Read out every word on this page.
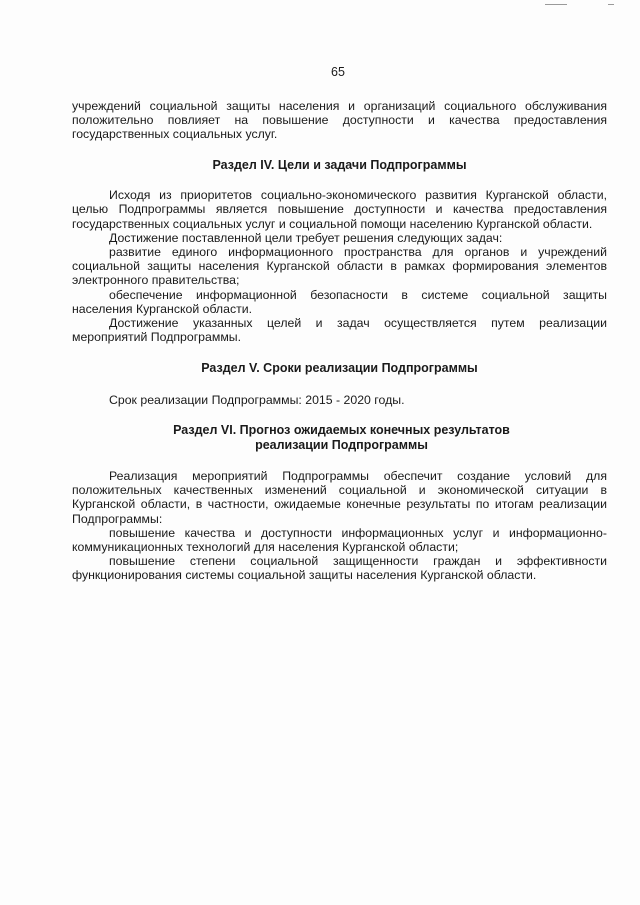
65

учреждений социальной защиты населения и организаций социального обслуживания положительно повлияет на повышение доступности и качества предоставления государственных социальных услуг.

Раздел IV. Цели и задачи Подпрограммы

Исходя из приоритетов социально-экономического развития Курганской области, целью Подпрограммы является повышение доступности и качества предоставления государственных социальных услуг и социальной помощи населению Курганской области.

Достижение поставленной цели требует решения следующих задач:

развитие единого информационного пространства для органов и учреждений социальной защиты населения Курганской области в рамках формирования элементов электронного правительства;

обеспечение информационной безопасности в системе социальной защиты населения Курганской области.

Достижение указанных целей и задач осуществляется путем реализации мероприятий Подпрограммы.

Раздел V. Сроки реализации Подпрограммы

Срок реализации Подпрограммы: 2015 - 2020 годы.

Раздел VI. Прогноз ожидаемых конечных результатов
реализации Подпрограммы

Реализация мероприятий Подпрограммы обеспечит создание условий для положительных качественных изменений социальной и экономической ситуации в Курганской области, в частности, ожидаемые конечные результаты по итогам реализации Подпрограммы:

повышение качества и доступности информационных услуг и информационно-коммуникационных технологий для населения Курганской области;

повышение степени социальной защищенности граждан и эффективности функционирования системы социальной защиты населения Курганской области.
